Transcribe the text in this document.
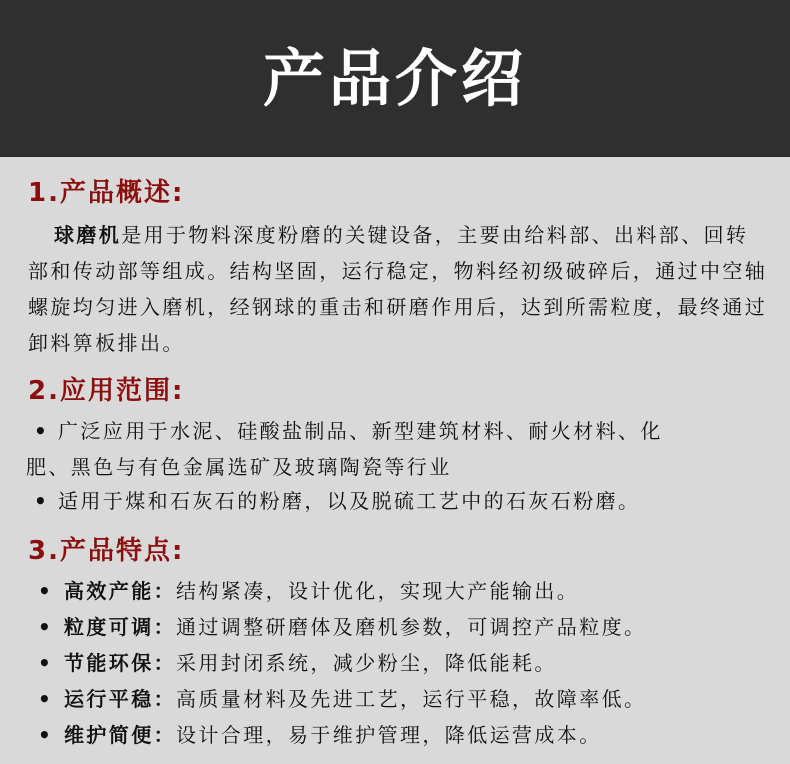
产品介绍
1.产品概述:

球磨机是用于物料深度粉磨的关键设备，主要由给料部、出料部、回转部和传动部等组成。结构坚固，运行稳定，物料经初级破碎后，通过中空轴螺旋均匀进入磨机，经钢球的重击和研磨作用后，达到所需粒度，最终通过卸料箅板排出。

2.应用范围:

• 广泛应用于水泥、硅酸盐制品、新型建筑材料、耐火材料、化
肥、黑色与有色金属选矿及玻璃陶瓷等行业

• 适用于煤和石灰石的粉磨，以及脱硫工艺中的石灰石粉磨。

3.产品特点:

• 高效产能：结构紧凑，设计优化，实现大产能输出。

• 粒度可调：通过调整研磨体及磨机参数，可调控产品粒度。

• 节能环保：采用封闭系统，减少粉尘，降低能耗。

• 运行平稳：高质量材料及先进工艺，运行平稳，故障率低。

• 维护简便：设计合理，易于维护管理，降低运营成本。
